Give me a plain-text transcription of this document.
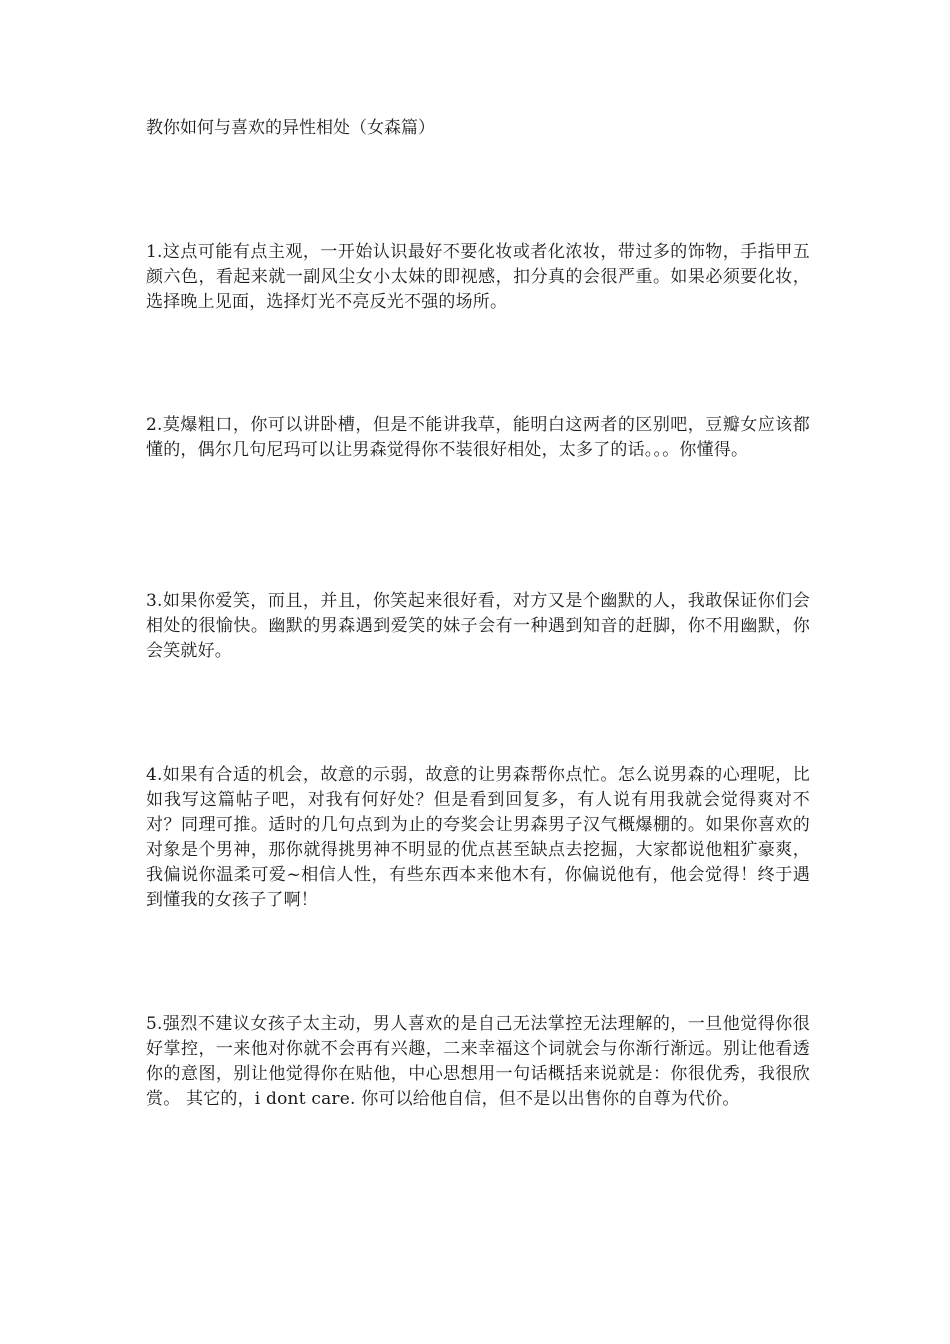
教你如何与喜欢的异性相处（女森篇）

1.这点可能有点主观，一开始认识最好不要化妆或者化浓妆，带过多的饰物，手指甲五颜六色，看起来就一副风尘女小太妹的即视感，扣分真的会很严重。如果必须要化妆，选择晚上见面，选择灯光不亮反光不强的场所。

2.莫爆粗口，你可以讲卧槽，但是不能讲我草，能明白这两者的区别吧，豆瓣女应该都懂的，偶尔几句尼玛可以让男森觉得你不装很好相处，太多了的话。。。你懂得。

3.如果你爱笑，而且，并且，你笑起来很好看，对方又是个幽默的人，我敢保证你们会相处的很愉快。幽默的男森遇到爱笑的妹子会有一种遇到知音的赶脚，你不用幽默，你会笑就好。

4.如果有合适的机会，故意的示弱，故意的让男森帮你点忙。怎么说男森的心理呢，比如我写这篇帖子吧，对我有何好处？但是看到回复多，有人说有用我就会觉得爽对不对？同理可推。适时的几句点到为止的夸奖会让男森男子汉气概爆棚的。如果你喜欢的对象是个男神，那你就得挑男神不明显的优点甚至缺点去挖掘，大家都说他粗犷豪爽，我偏说你温柔可爱~相信人性，有些东西本来他木有，你偏说他有，他会觉得！终于遇到懂我的女孩子了啊！

5.强烈不建议女孩子太主动，男人喜欢的是自己无法掌控无法理解的，一旦他觉得你很好掌控，一来他对你就不会再有兴趣，二来幸福这个词就会与你渐行渐远。别让他看透你的意图，别让他觉得你在贴他，中心思想用一句话概括来说就是：你很优秀，我很欣赏。 其它的，i dont care. 你可以给他自信，但不是以出售你的自尊为代价。
